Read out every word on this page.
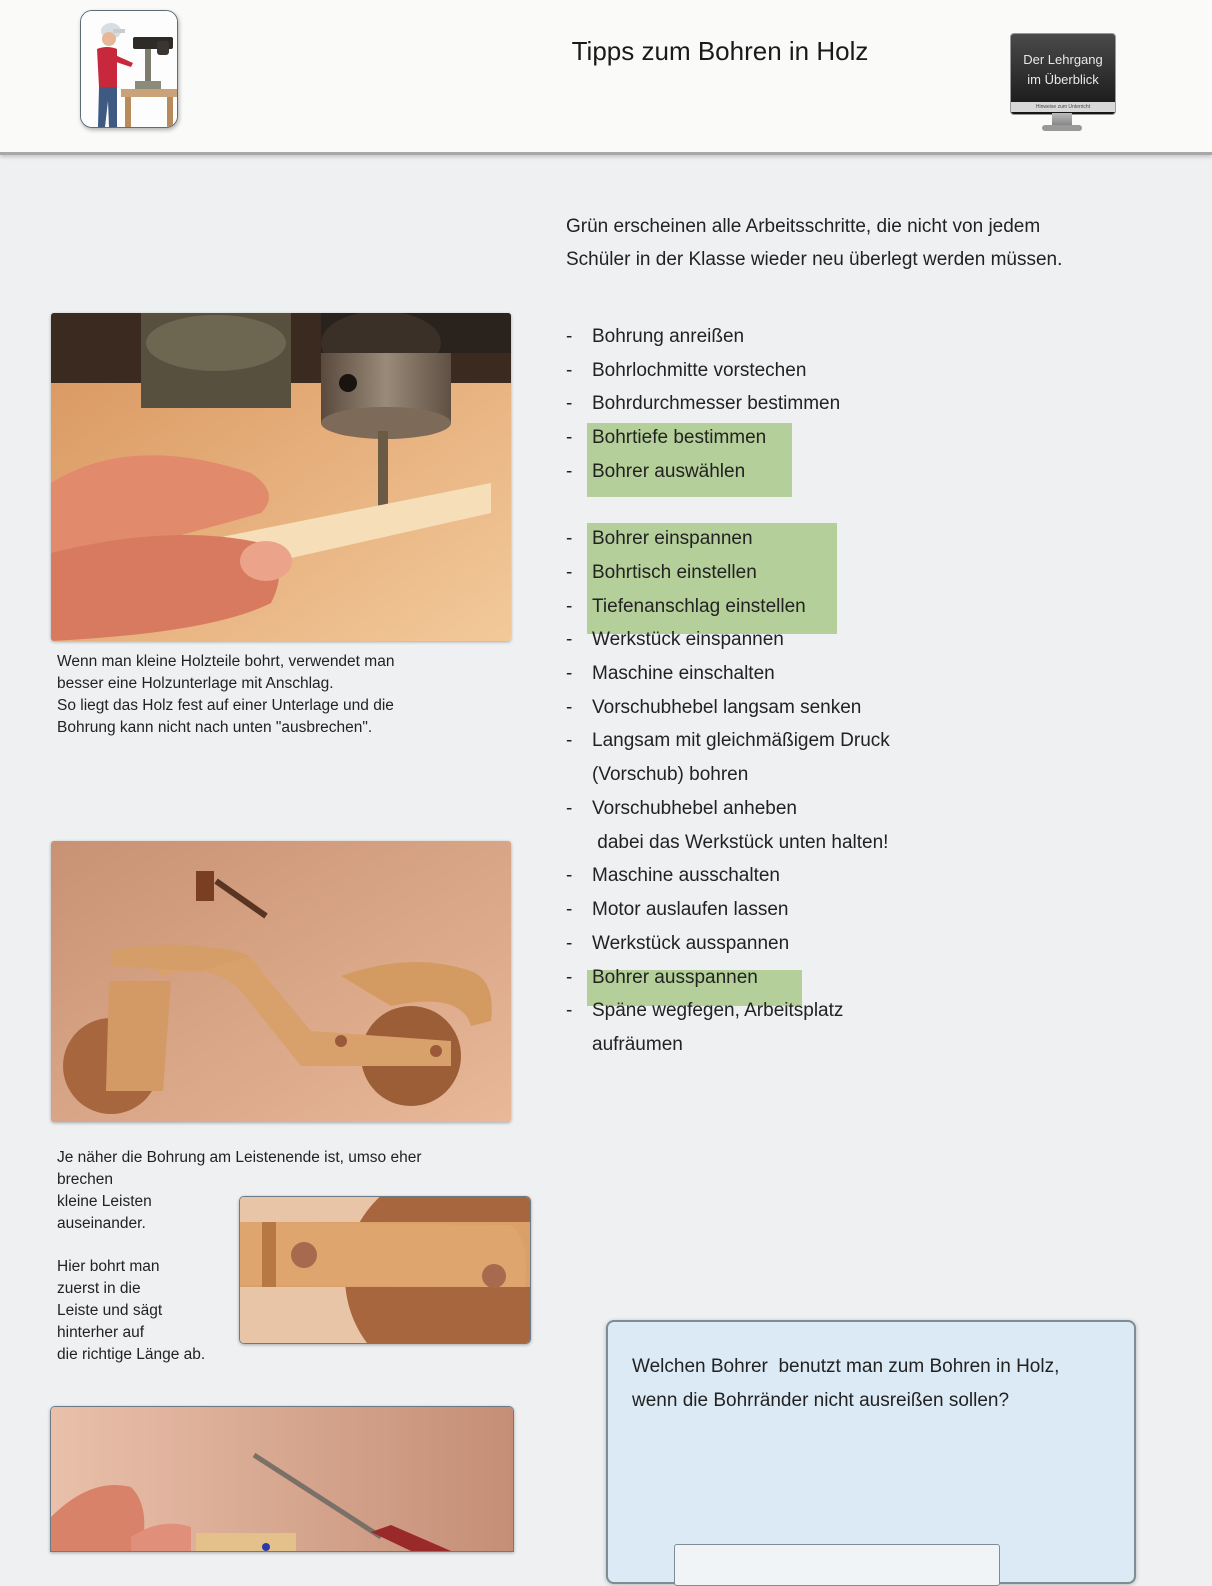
Tipps zum Bohren in Holz	Der Lehrgang
im Überblick
Hinweise zum Unterricht
Grün erscheinen alle Arbeitsschritte, die nicht von jedem
Schüler in der Klasse wieder neu überlegt werden müssen.
-	Bohrung anreißen
-	Bohrlochmitte vorstechen
-	Bohrdurchmesser bestimmen
-	Bohrtiefe bestimmen
-	Bohrer auswählen
-	Bohrer einspannen
-	Bohrtisch einstellen
-	Tiefenanschlag einstellen
-	Werkstück einspannen
-	Maschine einschalten
-	Vorschubhebel langsam senken
-	Langsam mit gleichmäßigem Druck
(Vorschub) bohren
-	Vorschubhebel anheben
dabei das Werkstück unten halten!
-	Maschine ausschalten
-	Motor auslaufen lassen
-	Werkstück ausspannen
-	Bohrer ausspannen
-	Späne wegfegen, Arbeitsplatz
aufräumen
Wenn man kleine Holzteile bohrt, verwendet man
besser eine Holzunterlage mit Anschlag.
So liegt das Holz fest auf einer Unterlage und die
Bohrung kann nicht nach unten "ausbrechen".
Je näher die Bohrung am Leistenende ist, umso eher
brechen
kleine Leisten
auseinander.
Hier bohrt man
zuerst in die
Leiste und sägt
hinterher auf
die richtige Länge ab.
Welchen Bohrer  benutzt man zum Bohren in Holz,
wenn die Bohrränder nicht ausreißen sollen?
